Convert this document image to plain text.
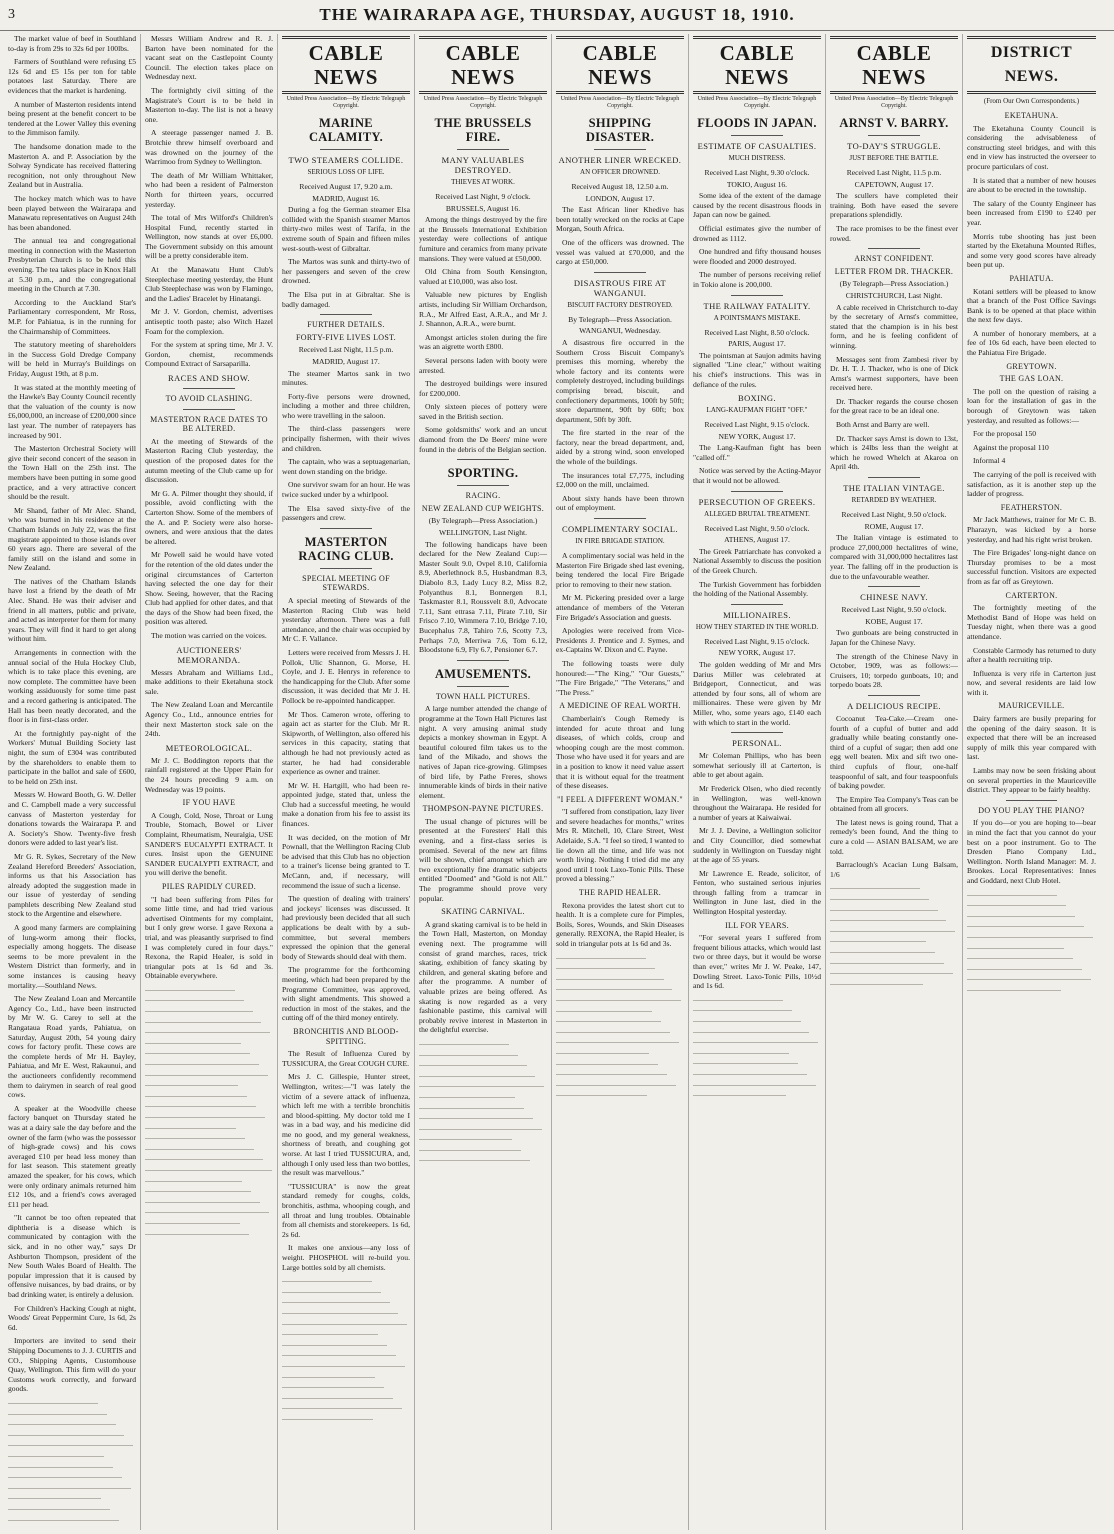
3	THE WAIRARAPA AGE, THURSDAY, AUGUST 18, 1910.

The market value of beef in Southland to-day is from 29s to 32s 6d per 100lbs.

Farmers of Southland were refusing £5 12s 6d and £5 15s per ton for table potatoes last Saturday. There are evidences that the market is hardening.

A number of Masterton residents intend being present at the benefit concert to be tendered at the Lower Valley this evening to the Jimmison family.

The handsome donation made to the Masterton A. and P. Association by the Solway Syndicate has received flattering recognition, not only throughout New Zealand but in Australia.

The hockey match which was to have been played between the Wairarapa and Manawatu representatives on August 24th has been abandoned.

The annual tea and congregational meeting in connection with the Masterton Presbyterian Church is to be held this evening. The tea takes place in Knox Hall at 5.30 p.m., and the congregational meeting in the Church at 7.30.

According to the Auckland Star's Parliamentary correspondent, Mr Ross, M.P. for Pahiatua, is in the running for the Chairmanship of Committees.

The statutory meeting of shareholders in the Success Gold Dredge Company will be held in Murray's Buildings on Friday, August 19th, at 8 p.m.

It was stated at the monthly meeting of the Hawke's Bay County Council recently that the valuation of the county is now £6,000,000, an increase of £200,000 since last year. The number of ratepayers has increased by 901.

The Masterton Orchestral Society will give their second concert of the season in the Town Hall on the 25th inst. The members have been putting in some good practice, and a very attractive concert should be the result.

Mr Shand, father of Mr Alec. Shand, who was burned in his residence at the Chatham Islands on July 22, was the first magistrate appointed to those islands over 60 years ago. There are several of the family still on the island and some in New Zealand.

The natives of the Chatham Islands have lost a friend by the death of Mr Alec. Shand. He was their adviser and friend in all matters, public and private, and acted as interpreter for them for many years. They will find it hard to get along without him.

Arrangements in connection with the annual social of the Hula Hockey Club, which is to take place this evening, are now complete. The committee have been working assiduously for some time past and a record gathering is anticipated. The Hall has been neatly decorated, and the floor is in first-class order.

At the fortnightly pay-night of the Workers' Mutual Building Society last night, the sum of £304 was contributed by the shareholders to enable them to participate in the ballot and sale of £600, to be held on 25th inst.

Messrs W. Howard Booth, G. W. Deller and C. Campbell made a very successful canvass of Masterton yesterday for donations towards the Wairarapa P. and A. Society's Show. Twenty-five fresh donors were added to last year's list.

Mr G. R. Sykes, Secretary of the New Zealand Hereford Breeders' Association, informs us that his Association has already adopted the suggestion made in our issue of yesterday of sending pamphlets describing New Zealand stud stock to the Argentine and elsewhere.

A good many farmers are complaining of lung-worm among their flocks, especially among hoggets. The disease seems to be more prevalent in the Western District than formerly, and in some instances is causing heavy mortality.—Southland News.

The New Zealand Loan and Mercantile Agency Co., Ltd., have been instructed by Mr W. G. Carey to sell at the Rangataua Road yards, Pahiatua, on Saturday, August 20th, 54 young dairy cows for factory profit. These cows are the complete herds of Mr H. Bayley, Pahiatua, and Mr E. West, Rakaunui, and the auctioneers confidently recommend them to dairymen in search of real good cows.

A speaker at the Woodville cheese factory banquet on Thursday stated he was at a dairy sale the day before and the owner of the farm (who was the possessor of high-grade cows) and his cows averaged £10 per head less money than for last season. This statement greatly amazed the speaker, for his cows, which were only ordinary animals returned him £12 10s, and a friend's cows averaged £11 per head.

"It cannot be too often repeated that diphtheria is a disease which is communicated by contagion with the sick, and in no other way," says Dr Ashburton Thompson, president of the New South Wales Board of Health. The popular impression that it is caused by offensive nuisances, by bad drains, or by bad drinking water, is entirely a delusion.

For Children's Hacking Cough at night, Woods' Great Peppermint Cure, 1s 6d, 2s 6d.

Importers are invited to send their Shipping Documents to J. J. CURTIS and CO., Shipping Agents, Customhouse Quay, Wellington. This firm will do your Customs work correctly, and forward goods.

Messrs William Andrew and R. J. Barton have been nominated for the vacant seat on the Castlepoint County Council. The election takes place on Wednesday next.

The fortnightly civil sitting of the Magistrate's Court is to be held in Masterton to-day. The list is not a heavy one.

A steerage passenger named J. B. Brotchie threw himself overboard and was drowned on the journey of the Warrimoo from Sydney to Wellington.

The death of Mr William Whittaker, who had been a resident of Palmerston North for thirteen years, occurred yesterday.

The total of Mrs Wilford's Children's Hospital Fund, recently started in Wellington, now stands at over £6,000. The Government subsidy on this amount will be a pretty considerable item.

At the Manawatu Hunt Club's Steeplechase meeting yesterday, the Hunt Club Steeplechase was won by Flamingo, and the Ladies' Bracelet by Hinatangi.

Mr J. V. Gordon, chemist, advertises antiseptic tooth paste; also Witch Hazel Foam for the complexion.

For the system at spring time, Mr J. V. Gordon, chemist, recommends Compound Extract of Sarsaparilla.

RACES AND SHOW.
TO AVOID CLASHING.
MASTERTON RACE DATES TO BE ALTERED.

At the meeting of Stewards of the Masterton Racing Club yesterday, the question of the proposed dates for the autumn meeting of the Club came up for discussion.

Mr G. A. Pilmer thought they should, if possible, avoid conflicting with the Carterton Show. Some of the members of the A. and P. Society were also horse-owners, and were anxious that the dates be altered.

Mr Powell said he would have voted for the retention of the old dates under the original circumstances of Carterton having selected the one day for their Show. Seeing, however, that the Racing Club had applied for other dates, and that the days of the Show had been fixed, the position was altered.

The motion was carried on the voices.

AUCTIONEERS' MEMORANDA.

Messrs Abraham and Williams Ltd., make additions to their Eketahuna stock sale.

The New Zealand Loan and Mercantile Agency Co., Ltd., announce entries for their next Masterton stock sale on the 24th.

METEOROLOGICAL.

Mr J. C. Boddington reports that the rainfall registered at the Upper Plain for the 24 hours preceding 9 a.m. on Wednesday was 19 points.

IF YOU HAVE

A Cough, Cold, Nose, Throat or Lung Trouble, Stomach, Bowel or Liver Complaint, Rheumatism, Neuralgia, USE SANDER'S EUCALYPTI EXTRACT. It cures. Insist upon the GENUINE SANDER EUCALYPTI EXTRACT, and you will derive the benefit.

PILES RAPIDLY CURED.

"I had been suffering from Piles for some little time, and had tried various advertised Ointments for my complaint, but I only grew worse. I gave Rexona a trial, and was pleasantly surprised to find I was completely cured in four days." Rexona, the Rapid Healer, is sold in triangular pots at 1s 6d and 3s. Obtainable everywhere.

CABLE NEWS
United Press Association—By Electric Telegraph Copyright.
MARINE CALAMITY.
TWO STEAMERS COLLIDE.
SERIOUS LOSS OF LIFE.
Received August 17, 9.20 a.m.
MADRID, August 16.

During a fog the German steamer Elsa collided with the Spanish steamer Martos thirty-two miles west of Tarifa, in the extreme south of Spain and fifteen miles west-south-west of Gibraltar.

The Martos was sunk and thirty-two of her passengers and seven of the crew drowned.

The Elsa put in at Gibraltar. She is badly damaged.

FURTHER DETAILS.
FORTY-FIVE LIVES LOST.
Received Last Night, 11.5 p.m.
MADRID, August 17.

The steamer Martos sank in two minutes.

Forty-five persons were drowned, including a mother and three children, who were travelling in the saloon.

The third-class passengers were principally fishermen, with their wives and children.

The captain, who was a septuagenarian, went down standing on the bridge.

One survivor swam for an hour. He was twice sucked under by a whirlpool.

The Elsa saved sixty-five of the passengers and crew.

MASTERTON RACING CLUB.
SPECIAL MEETING OF STEWARDS.

A special meeting of Stewards of the Masterton Racing Club was held yesterday afternoon. There was a full attendance, and the chair was occupied by Mr C. F. Vallance.

Letters were received from Messrs J. H. Pollok, Ulic Shannon, G. Morse, H. Coyle, and J. E. Henrys in reference to the handicapping for the Club. After some discussion, it was decided that Mr J. H. Pollock be re-appointed handicapper.

Mr Thos. Cameron wrote, offering to again act as starter for the Club. Mr R. Skipworth, of Wellington, also offered his services in this capacity, stating that although he had not previously acted as starter, he had had considerable experience as owner and trainer.

Mr W. H. Hartgill, who had been re-appointed judge, stated that, unless the Club had a successful meeting, he would make a donation from his fee to assist its finances.

It was decided, on the motion of Mr Pownall, that the Wellington Racing Club be advised that this Club has no objection to a trainer's license being granted to T. McCann, and, if necessary, will recommend the issue of such a license.

The question of dealing with trainers' and jockeys' licenses was discussed. It had previously been decided that all such applications be dealt with by a sub-committee, but several members expressed the opinion that the general body of Stewards should deal with them.

The programme for the forthcoming meeting, which had been prepared by the Programme Committee, was approved, with slight amendments. This showed a reduction in most of the stakes, and the cutting off of the third money entirely.

BRONCHITIS AND BLOOD-SPITTING.

The Result of Influenza Cured by TUSSICURA, the Great COUGH CURE.

Mrs J. C. Gillespie, Hunter street, Wellington, writes:—"I was lately the victim of a severe attack of influenza, which left me with a terrible bronchitis and blood-spitting. My doctor told me I was in a bad way, and his medicine did me no good, and my general weakness, shortness of breath, and coughing got worse. At last I tried TUSSICURA, and, although I only used less than two bottles, the result was marvellous."

"TUSSICURA" is now the great standard remedy for coughs, colds, bronchitis, asthma, whooping cough, and all throat and lung troubles. Obtainable from all chemists and storekeepers. 1s 6d, 2s 6d.

It makes one anxious—any loss of weight. PHOSPHOL will re-build you. Large bottles sold by all chemists.

CABLE NEWS
United Press Association—By Electric Telegraph Copyright.
THE BRUSSELS FIRE.
MANY VALUABLES DESTROYED.
THIEVES AT WORK.
Received Last Night, 9 o'clock.
BRUSSELS, August 16.

Among the things destroyed by the fire at the Brussels International Exhibition yesterday were collections of antique furniture and ceramics from many private mansions. They were valued at £50,000.

Old China from South Kensington, valued at £10,000, was also lost.

Valuable new pictures by English artists, including Sir William Orchardson, R.A., Mr Alfred East, A.R.A., and Mr J. J. Shannon, A.R.A., were burnt.

Amongst articles stolen during the fire was an aigrette worth £800.

Several persons laden with booty were arrested.

The destroyed buildings were insured for £200,000.

Only sixteen pieces of pottery were saved in the British section.

Some goldsmiths' work and an uncut diamond from the De Beers' mine were found in the debris of the Belgian section.

SPORTING.
RACING.
NEW ZEALAND CUP WEIGHTS.
(By Telegraph—Press Association.)
WELLINGTON, Last Night.

The following handicaps have been declared for the New Zealand Cup:—Master Soult 9.0, Ovpel 8.10, California 8.9, Aberlethnock 8.5, Husbandman 8.3, Diabolo 8.3, Lady Lucy 8.2, Miss 8.2, Polyanthus 8.1, Bonnergen 8.1, Taskmaster 8.1, Roussvelt 8.0, Advocate 7.11, Sant ettrasa 7.11, Pirate 7.10, Sir Frisco 7.10, Wimmera 7.10, Bridge 7.10, Bucephalus 7.8, Tahiro 7.6, Scotty 7.3, Perhaps 7.0, Merriwa 7.6, Tom 6.12, Bloodstone 6.9, Fly 6.7, Pensioner 6.7.

AMUSEMENTS.
TOWN HALL PICTURES.

A large number attended the change of programme at the Town Hall Pictures last night. A very amusing animal study depicts a monkey showman in Egypt. A beautiful coloured film takes us to the land of the Mikado, and shows the natives of Japan rice-growing. Glimpses of bird life, by Pathe Freres, shows innumerable kinds of birds in their native element.

THOMPSON-PAYNE PICTURES.

The usual change of pictures will be presented at the Foresters' Hall this evening, and a first-class series is promised. Several of the new art films will be shown, chief amongst which are two exceptionally fine dramatic subjects entitled "Doomed" and "Gold is not All." The programme should prove very popular.

SKATING CARNIVAL.

A grand skating carnival is to be held in the Town Hall, Masterton, on Monday evening next. The programme will consist of grand marches, races, trick skating, exhibition of fancy skating by children, and general skating before and after the programme. A number of valuable prizes are being offered. As skating is now regarded as a very fashionable pastime, this carnival will probably revive interest in Masterton in the delightful exercise.

CABLE NEWS
United Press Association—By Electric Telegraph Copyright.
SHIPPING DISASTER.
ANOTHER LINER WRECKED.
AN OFFICER DROWNED.
Received August 18, 12.50 a.m.
LONDON, August 17.

The East African liner Khedive has been totally wrecked on the rocks at Cape Morgan, South Africa.

One of the officers was drowned. The vessel was valued at £70,000, and the cargo at £50,000.

DISASTROUS FIRE AT WANGANUI.
BISCUIT FACTORY DESTROYED.
By Telegraph—Press Association.
WANGANUI, Wednesday.

A disastrous fire occurred in the Southern Cross Biscuit Company's premises this morning, whereby the whole factory and its contents were completely destroyed, including buildings comprising bread, biscuit, and confectionery departments, 100ft by 50ft; store department, 90ft by 60ft; box department, 50ft by 30ft.

The fire started in the rear of the factory, near the bread department, and, aided by a strong wind, soon enveloped the whole of the buildings.

The insurances total £7,775, including £2,000 on the mill, unclaimed.

About sixty hands have been thrown out of employment.

COMPLIMENTARY SOCIAL.
IN FIRE BRIGADE STATION.

A complimentary social was held in the Masterton Fire Brigade shed last evening, being tendered the local Fire Brigade prior to removing to their new station.

Mr M. Pickering presided over a large attendance of members of the Veteran Fire Brigade's Association and guests.

Apologies were received from Vice-Presidents J. Prentice and J. Symes, and ex-Captains W. Dixon and C. Payne.

The following toasts were duly honoured:—"The King," "Our Guests," "The Fire Brigade," "The Veterans," and "The Press."

A MEDICINE OF REAL WORTH.

Chamberlain's Cough Remedy is intended for acute throat and lung diseases, of which colds, croup and whooping cough are the most common. Those who have used it for years and are in a position to know it need value assert that it is without equal for the treatment of these diseases.

"I FEEL A DIFFERENT WOMAN."

"I suffered from constipation, lazy liver and severe headaches for months," writes Mrs R. Mitchell, 10, Clare Street, West Adelaide, S.A. "I feel so tired, I wanted to lie down all the time, and life was not worth living. Nothing I tried did me any good until I took Laxo-Tonic Pills. These proved a blessing."

THE RAPID HEALER.

Rexona provides the latest short cut to health. It is a complete cure for Pimples, Boils, Sores, Wounds, and Skin Diseases generally. REXONA, the Rapid Healer, is sold in triangular pots at 1s 6d and 3s.

CABLE NEWS
United Press Association—By Electric Telegraph Copyright.
FLOODS IN JAPAN.
ESTIMATE OF CASUALTIES.
MUCH DISTRESS.
Received Last Night, 9.30 o'clock.
TOKIO, August 16.

Some idea of the extent of the damage caused by the recent disastrous floods in Japan can now be gained.

Official estimates give the number of drowned as 1112.

One hundred and fifty thousand houses were flooded and 2000 destroyed.

The number of persons receiving relief in Tokio alone is 200,000.

THE RAILWAY FATALITY.
A POINTSMAN'S MISTAKE.
Received Last Night, 8.50 o'clock.
PARIS, August 17.

The pointsman at Saujon admits having signalled "Line clear," without waiting his chief's instructions. This was in defiance of the rules.

BOXING.
LANG-KAUFMAN FIGHT "OFF."
Received Last Night, 9.15 o'clock.
NEW YORK, August 17.

The Lang-Kaufman fight has been "called off."

Notice was served by the Acting-Mayor that it would not be allowed.

PERSECUTION OF GREEKS.
ALLEGED BRUTAL TREATMENT.
Received Last Night, 9.50 o'clock.
ATHENS, August 17.

The Greek Patriarchate has convoked a National Assembly to discuss the position of the Greek Church.

The Turkish Government has forbidden the holding of the National Assembly.

MILLIONAIRES.
HOW THEY STARTED IN THE WORLD.
Received Last Night, 9.15 o'clock.
NEW YORK, August 17.

The golden wedding of Mr and Mrs Darius Miller was celebrated at Bridgeport, Connecticut, and was attended by four sons, all of whom are millionaires. These were given by Mr Miller, who, some years ago, £140 each with which to start in the world.

PERSONAL.

Mr Coleman Phillips, who has been somewhat seriously ill at Carterton, is able to get about again.

Mr Frederick Olsen, who died recently in Wellington, was well-known throughout the Wairarapa. He resided for a number of years at Kaiwaiwai.

Mr J. J. Devine, a Wellington solicitor and City Councillor, died somewhat suddenly in Wellington on Tuesday night at the age of 55 years.

Mr Lawrence E. Reade, solicitor, of Fenton, who sustained serious injuries through falling from a tramcar in Wellington in June last, died in the Wellington Hospital yesterday.

ILL FOR YEARS.

"For several years I suffered from frequent bilious attacks, which would last two or three days, but it would be worse than ever," writes Mr J. W. Peake, 147, Dowling Street. Laxo-Tonic Pills, 10½d and 1s 6d.

CABLE NEWS
United Press Association—By Electric Telegraph Copyright.
ARNST V. BARRY.
TO-DAY'S STRUGGLE.
JUST BEFORE THE BATTLE.
Received Last Night, 11.5 p.m.
CAPETOWN, August 17.

The scullers have completed their training. Both have eased the severe preparations splendidly.

The race promises to be the finest ever rowed.

ARNST CONFIDENT.
LETTER FROM DR. THACKER.
(By Telegraph—Press Association.)
CHRISTCHURCH, Last Night.

A cable received in Christchurch to-day by the secretary of Arnst's committee, stated that the champion is in his best form, and he is feeling confident of winning.

Messages sent from Zambesi river by Dr. H. T. J. Thacker, who is one of Dick Arnst's warmest supporters, have been received here.

Dr. Thacker regards the course chosen for the great race to be an ideal one.

Both Arnst and Barry are well.

Dr. Thacker says Arnst is down to 13st, which is 24lbs less than the weight at which he rowed Whelch at Akaroa on April 4th.

THE ITALIAN VINTAGE.
RETARDED BY WEATHER.
Received Last Night, 9.50 o'clock.
ROME, August 17.

The Italian vintage is estimated to produce 27,000,000 hectalitres of wine, compared with 31,000,000 hectalitres last year. The falling off in the production is due to the unfavourable weather.

CHINESE NAVY.
Received Last Night, 9.50 o'clock.
KOBE, August 17.

Two gunboats are being constructed in Japan for the Chinese Navy.

The strength of the Chinese Navy in October, 1909, was as follows:—Cruisers, 10; torpedo gunboats, 10; and torpedo boats 28.

A DELICIOUS RECIPE.

Cocoanut Tea-Cake.—Cream one-fourth of a cupful of butter and add gradually while beating constantly one-third of a cupful of sugar; then add one egg well beaten. Mix and sift two one-third cupfuls of flour, one-half teaspoonful of salt, and four teaspoonfuls of baking powder.

The Empire Tea Company's Teas can be obtained from all grocers.

The latest news is going round, That a remedy's been found, And the thing to cure a cold — ASIAN BALSAM, we are told.

Barraclough's Acacian Lung Balsam, 1/6

DISTRICT NEWS.
(From Our Own Correspondents.)
EKETAHUNA.

The Eketahuna County Council is considering the advisableness of constructing steel bridges, and with this end in view has instructed the overseer to procure particulars of cost.

It is stated that a number of new houses are about to be erected in the township.

The salary of the County Engineer has been increased from £190 to £240 per year.

Morris tube shooting has just been started by the Eketahuna Mounted Rifles, and some very good scores have already been put up.

PAHIATUA.

Kotani settlers will be pleased to know that a branch of the Post Office Savings Bank is to be opened at that place within the next few days.

A number of honorary members, at a fee of 10s 6d each, have been elected to the Pahiatua Fire Brigade.

GREYTOWN.
THE GAS LOAN.

The poll on the question of raising a loan for the installation of gas in the borough of Greytown was taken yesterday, and resulted as follows:—

For the proposal 150

Against the proposal 110

Informal 4

The carrying of the poll is received with satisfaction, as it is another step up the ladder of progress.

FEATHERSTON.

Mr Jack Matthews, trainer for Mr C. B. Pharazyn, was kicked by a horse yesterday, and had his right wrist broken.

The Fire Brigades' long-night dance on Thursday promises to be a most successful function. Visitors are expected from as far off as Greytown.

CARTERTON.

The fortnightly meeting of the Methodist Band of Hope was held on Tuesday night, when there was a good attendance.

Constable Carmody has returned to duty after a health recruiting trip.

Influenza is very rife in Carterton just now, and several residents are laid low with it.

MAURICEVILLE.

Dairy farmers are busily preparing for the opening of the dairy season. It is expected that there will be an increased supply of milk this year compared with last.

Lambs may now be seen frisking about on several properties in the Mauriceville district. They appear to be fairly healthy.

DO YOU PLAY THE PIANO?

If you do—or you are hoping to—bear in mind the fact that you cannot do your best on a poor instrument. Go to The Dresden Piano Company Ltd., Wellington. North Island Manager: M. J. Brookes. Local Representatives: Innes and Goddard, next Club Hotel.
